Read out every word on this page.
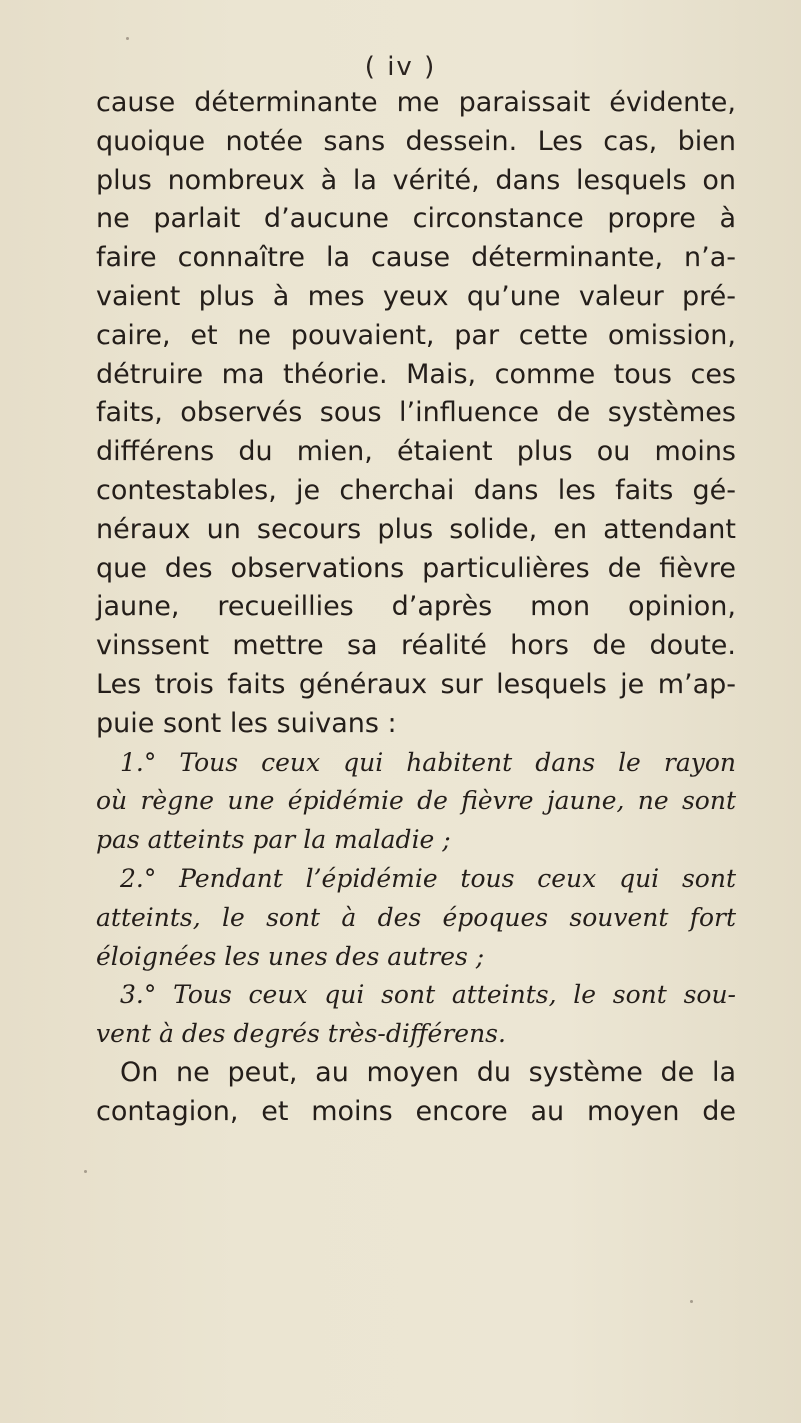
( iv )
cause déterminante me paraissait évidente,
quoique notée sans dessein. Les cas, bien
plus nombreux à la vérité, dans lesquels on
ne parlait d’aucune circonstance propre à
faire connaître la cause déterminante, n’a-
vaient plus à mes yeux qu’une valeur pré-
caire, et ne pouvaient, par cette omission,
détruire ma théorie. Mais, comme tous ces
faits, observés sous l’influence de systèmes
différens du mien, étaient plus ou moins
contestables, je cherchai dans les faits gé-
néraux un secours plus solide, en attendant
que des observations particulières de fièvre
jaune, recueillies d’après mon opinion,
vinssent mettre sa réalité hors de doute.
Les trois faits généraux sur lesquels je m’ap-
puie sont les suivans :
1.° Tous ceux qui habitent dans le rayon
où règne une épidémie de fièvre jaune, ne sont
pas atteints par la maladie ;
2.° Pendant l’épidémie tous ceux qui sont
atteints, le sont à des époques souvent fort
éloignées les unes des autres ;
3.° Tous ceux qui sont atteints, le sont sou-
vent à des degrés très-différens.
On ne peut, au moyen du système de la
contagion, et moins encore au moyen de
